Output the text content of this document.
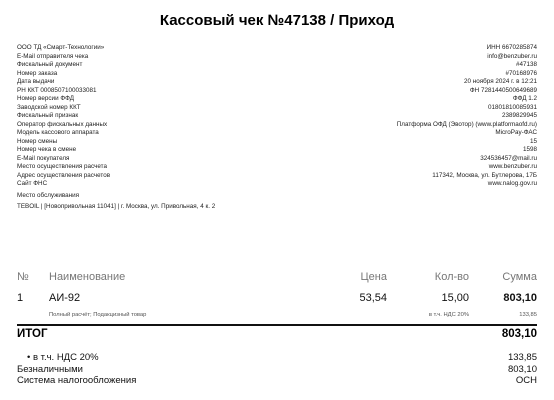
Кассовый чек №47138 / Приход
ООО ТД «Смарт-Технологии»	ИНН 6670285874
E-Mail отправителя чека	info@benzuber.ru
Фискальный документ	#47138
Номер заказа	#70168976
Дата выдачи	20 ноября 2024 г. в 12:21
РН ККТ 0008507100033081	ФН 7281440500649689
Номер версии ФФД	ФФД 1.2
Заводской номер ККТ	01801810085931
Фискальный признак	2389829945
Оператор фискальных данных	Платформа ОФД (Эвотор) (www.platformaofd.ru)
Модель кассового аппарата	MicroPay-ФАС
Номер смены	15
Номер чека в смене	1598
E-Mail покупателя	324536457@mail.ru
Место осуществления расчета	www.benzuber.ru
Адрес осуществления расчетов	117342, Москва, ул. Бутлерова, 17Б
Сайт ФНС	www.nalog.gov.ru
Место обслуживания
TEBOIL | [Новопривольная 11041] | г. Москва, ул. Привольная, 4 к. 2
№ Наименование	Цена	Кол-во	Сумма
1 АИ-92	53,54	15,00	803,10
Полный расчёт; Подакцизный товар	в т.ч. НДС 20%	133,85
ИТОГ	803,10
• в т.ч. НДС 20%	133,85
Безналичными	803,10
Система налогообложения	ОСН
